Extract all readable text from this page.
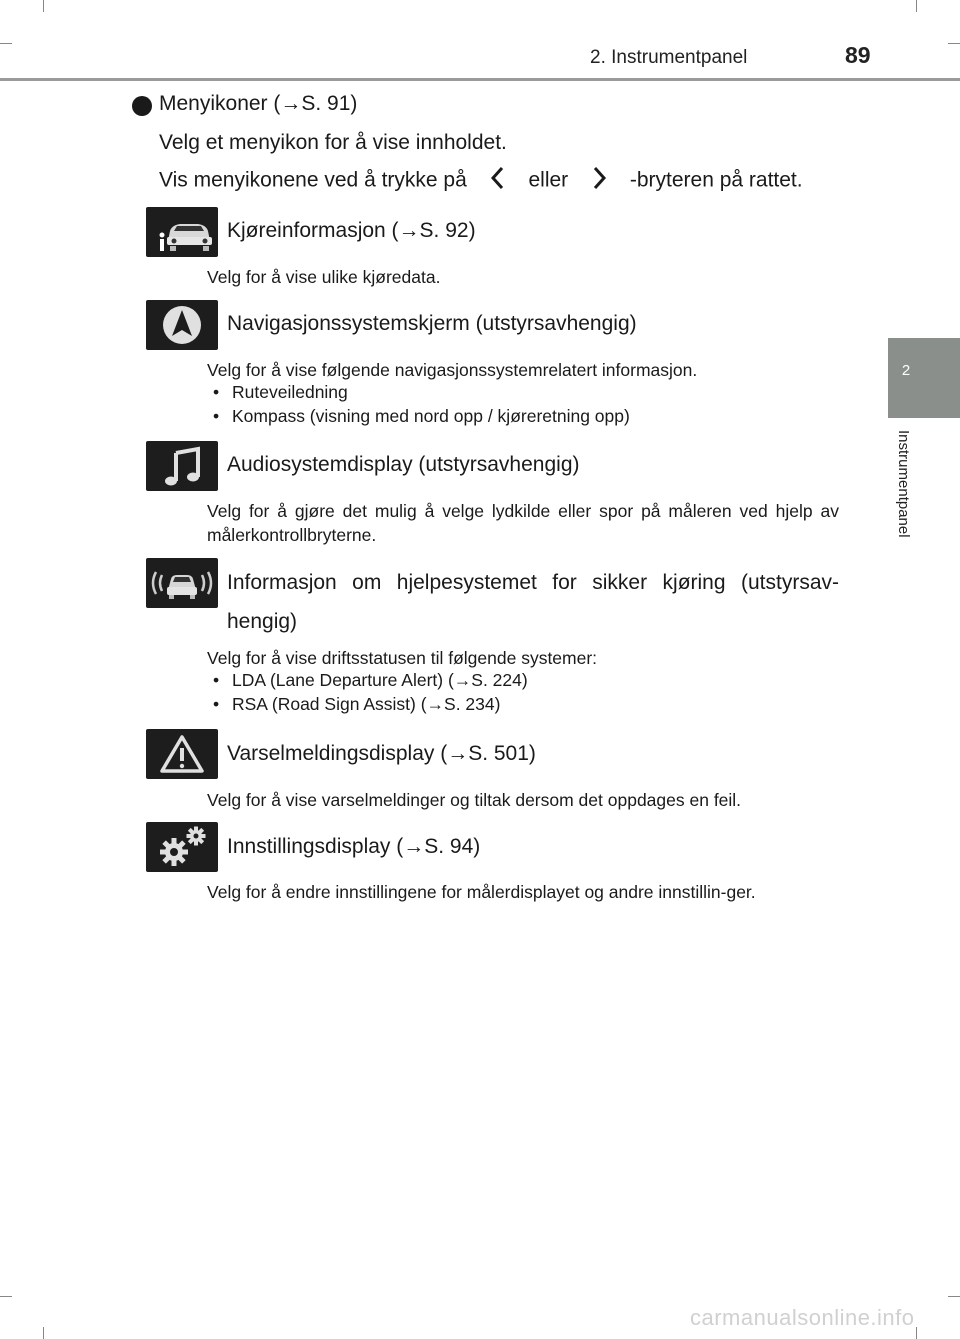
2. Instrumentpanel	89
2
Instrumentpanel
Menyikoner (→S. 91)
Velg et menyikon for å vise innholdet.
Vis menyikonene ved å trykke på	eller	-bryteren på rattet.
Kjøreinformasjon (→S. 92)
Velg for å vise ulike kjøredata.
Navigasjonssystemskjerm (utstyrsavhengig)
Velg for å vise følgende navigasjonssystemrelatert informasjon.
• Ruteveiledning
• Kompass (visning med nord opp / kjøreretning opp)
Audiosystemdisplay (utstyrsavhengig)
Velg for å gjøre det mulig å velge lydkilde eller spor på måleren ved hjelp av målerkontrollbryterne.
Informasjon om hjelpesystemet for sikker kjøring (utstyrsav-
hengig)
Velg for å vise driftsstatusen til følgende systemer:
• LDA (Lane Departure Alert) (→S. 224)
• RSA (Road Sign Assist) (→S. 234)
Varselmeldingsdisplay (→S. 501)
Velg for å vise varselmeldinger og tiltak dersom det oppdages en feil.
Innstillingsdisplay (→S. 94)
Velg for å endre innstillingene for målerdisplayet og andre innstillin-ger.
carmanualsonline.info
